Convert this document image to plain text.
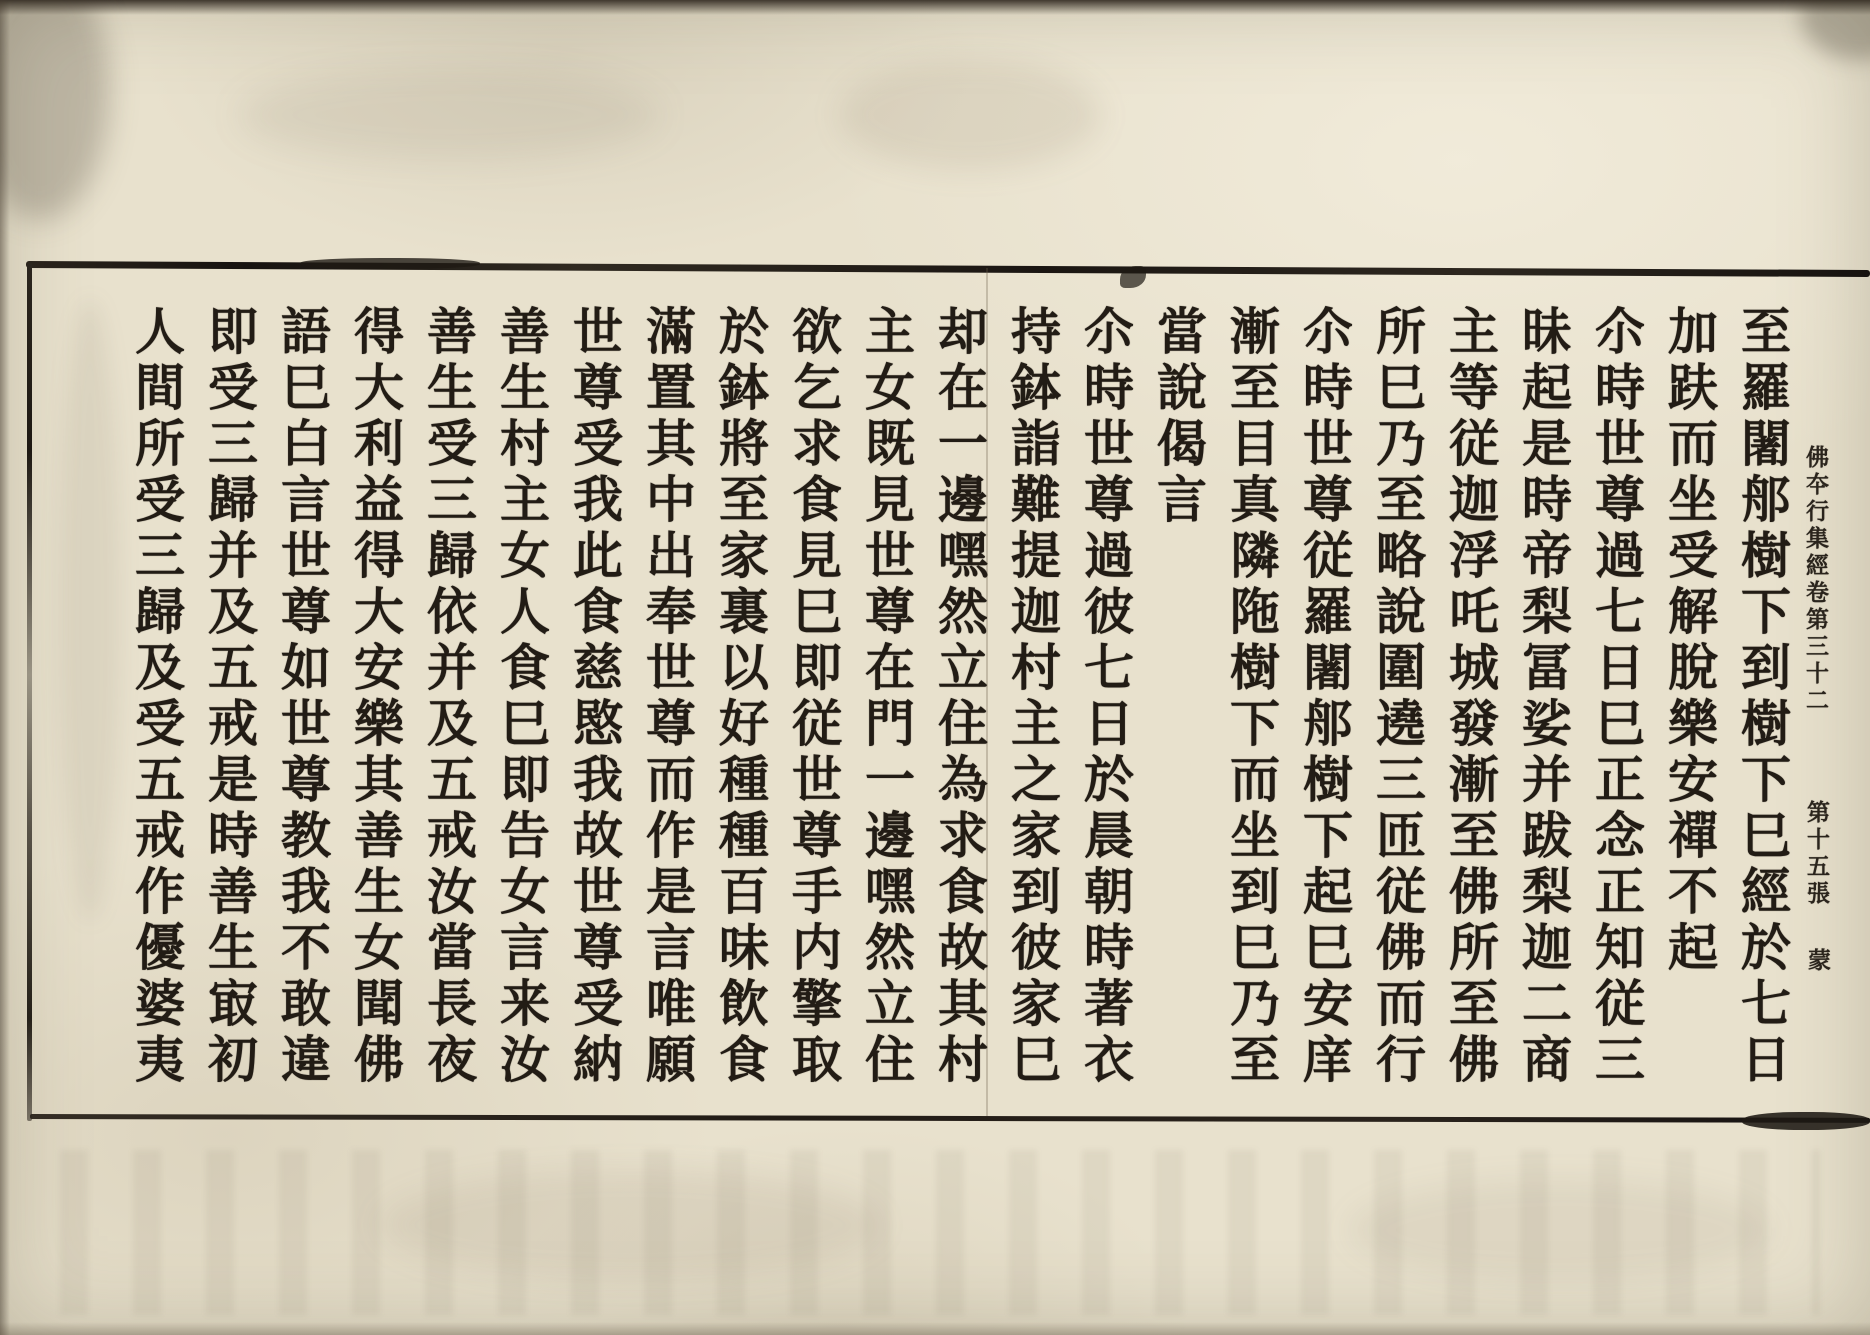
至羅闍郍樹下到樹下巳經於七日
加趺而坐受解脫樂安禪不起
尒時世尊過七日巳正念正知従三
昧起是時帝梨冨娑并跋梨迦二商
主等従迦浮吒城發漸至佛所至佛
所巳乃至略說圍遶三匝従佛而行
尒時世尊従羅闍郍樹下起巳安庠
漸至目真隣陁樹下而坐到巳乃至
當說偈言
尒時世尊過彼七日於晨朝時著衣
持鉢詣難提迦村主之家到彼家巳
却在一邊嘿然立住為求食故其村
主女既見世尊在門一邊嘿然立住
欲乞求食見巳即従世尊手内擎取
於鉢將至家裏以好種種百味飲食
滿置其中出奉世尊而作是言唯願
世尊受我此食慈愍我故世尊受納
善生村主女人食巳即告女言来汝
善生受三歸依并及五戒汝當長夜
得大利益得大安樂其善生女聞佛
語巳白言世尊如世尊教我不敢違
即受三歸并及五戒是時善生㝡初
人間所受三歸及受五戒作優婆夷	佛夲行集經卷第三十二
第十五張
蒙
